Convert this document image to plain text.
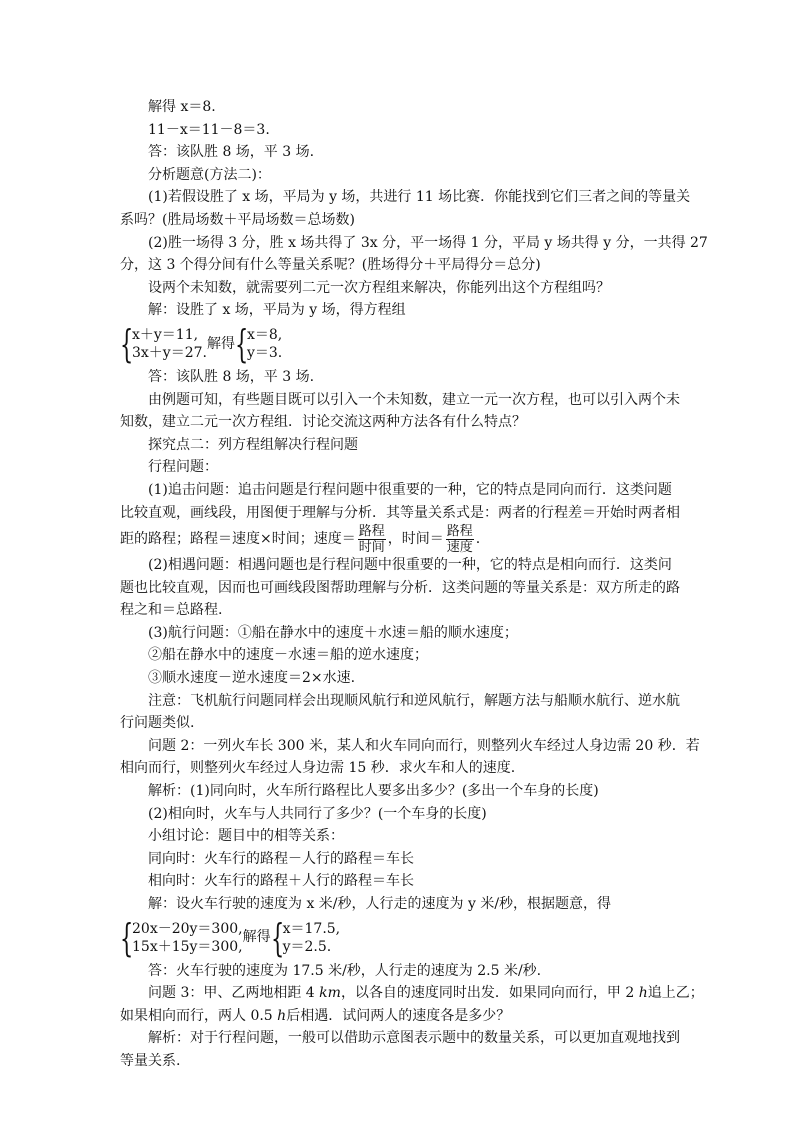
解得 x＝8.
11－x＝11－8＝3.
答：该队胜 8 场，平 3 场.
分析题意(方法二)：
(1)若假设胜了 x 场，平局为 y 场，共进行 11 场比赛．你能找到它们三者之间的等量关
系吗？(胜局场数＋平局场数＝总场数)
(2)胜一场得 3 分，胜 x 场共得了 3x 分，平一场得 1 分，平局 y 场共得 y 分，一共得 27
分，这 3 个得分间有什么等量关系呢？(胜场得分＋平局得分＝总分)
设两个未知数，就需要列二元一次方程组来解决，你能列出这个方程组吗？
解：设胜了 x 场，平局为 y 场，得方程组
{
x＋y＝11,
3x＋y＝27.
解得 {
x＝8,
y＝3.
答：该队胜 8 场，平 3 场.
由例题可知，有些题目既可以引入一个未知数，建立一元一次方程，也可以引入两个未
知数，建立二元一次方程组．讨论交流这两种方法各有什么特点？
探究点二：列方程组解决行程问题
行程问题：
(1)追击问题：追击问题是行程问题中很重要的一种，它的特点是同向而行．这类问题
比较直观，画线段，用图便于理解与分析．其等量关系式是：两者的行程差＝开始时两者相
距的路程；路程＝速度×时间；速度＝ $\frac{\text{路程}}{\text{时间}}$ ，时间＝ $\frac{\text{路程}}{\text{速度}}$ .
(2)相遇问题：相遇问题也是行程问题中很重要的一种，它的特点是相向而行．这类问
题也比较直观，因而也可画线段图帮助理解与分析．这类问题的等量关系是：双方所走的路
程之和＝总路程.
(3)航行问题：①船在静水中的速度＋水速＝船的顺水速度；
②船在静水中的速度－水速＝船的逆水速度；
③顺水速度－逆水速度＝2×水速.
注意：飞机航行问题同样会出现顺风航行和逆风航行，解题方法与船顺水航行、逆水航
行问题类似.
问题 2：一列火车长 300 米，某人和火车同向而行，则整列火车经过人身边需 20 秒．若
相向而行，则整列火车经过人身边需 15 秒．求火车和人的速度.
解析：(1)同向时，火车所行路程比人要多出多少？(多出一个车身的长度)
(2)相向时，火车与人共同行了多少？(一个车身的长度)
小组讨论：题目中的相等关系：
同向时：火车行的路程－人行的路程＝车长
相向时：火车行的路程＋人行的路程＝车长
解：设火车行驶的速度为 x 米/秒，人行走的速度为 y 米/秒，根据题意，得
{
20x－20y＝300,
15x＋15y＝300,
解得 {
x＝17.5,
y＝2.5.
答：火车行驶的速度为 17.5 米/秒，人行走的速度为 2.5 米/秒.
问题 3：甲、乙两地相距 4 km，以各自的速度同时出发．如果同向而行，甲 2 h追上乙；
如果相向而行，两人 0.5 h后相遇．试问两人的速度各是多少？
解析：对于行程问题，一般可以借助示意图表示题中的数量关系，可以更加直观地找到
等量关系.
